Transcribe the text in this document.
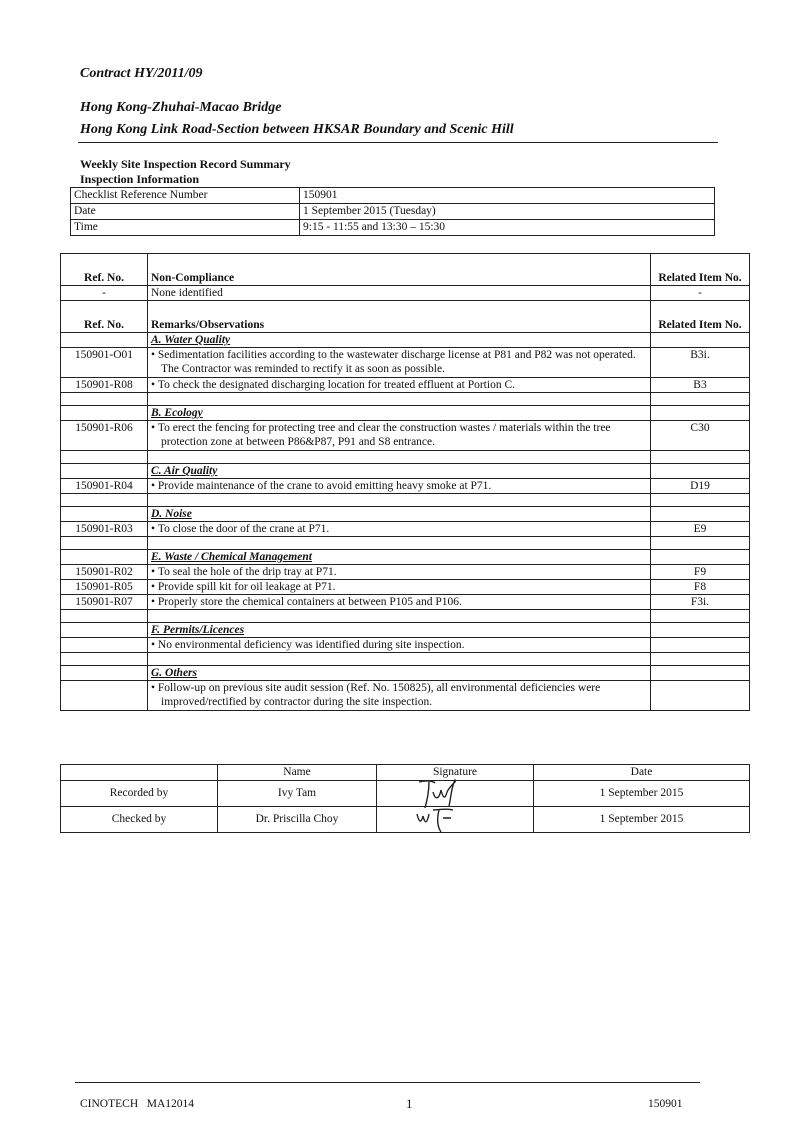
Contract HY/2011/09
Hong Kong-Zhuhai-Macao Bridge
Hong Kong Link Road-Section between HKSAR Boundary and Scenic Hill
Weekly Site Inspection Record Summary
Inspection Information
Checklist Reference Number	150901
Date	1 September 2015 (Tuesday)
Time	9:15 - 11:55 and 13:30 – 15:30
Ref. No.	Non-Compliance	Related Item No.
-	None identified	-
Ref. No.	Remarks/Observations	Related Item No.
	A. Water Quality	
150901-O01	• Sedimentation facilities according to the wastewater discharge license at P81 and P82 was not operated. The Contractor was reminded to rectify it as soon as possible.	B3i.
150901-R08	• To check the designated discharging location for treated effluent at Portion C.	B3

	B. Ecology	
150901-R06	• To erect the fencing for protecting tree and clear the construction wastes / materials within the tree protection zone at between P86&P87, P91 and S8 entrance.	C30

	C. Air Quality	
150901-R04	• Provide maintenance of the crane to avoid emitting heavy smoke at P71.	D19

	D. Noise	
150901-R03	• To close the door of the crane at P71.	E9

	E. Waste / Chemical Management	
150901-R02	• To seal the hole of the drip tray at P71.	F9
150901-R05	• Provide spill kit for oil leakage at P71.	F8
150901-R07	• Properly store the chemical containers at between P105 and P106.	F3i.

	F. Permits/Licences	

	• No environmental deficiency was identified during site inspection.

	G. Others	

	• Follow-up on previous site audit session (Ref. No. 150825), all environmental deficiencies were improved/rectified by contractor during the site inspection.

	Name	Signature	Date
Recorded by	Ivy Tam		1 September 2015
Checked by	Dr. Priscilla Choy		1 September 2015
CINOTECH   MA12014	1	150901
